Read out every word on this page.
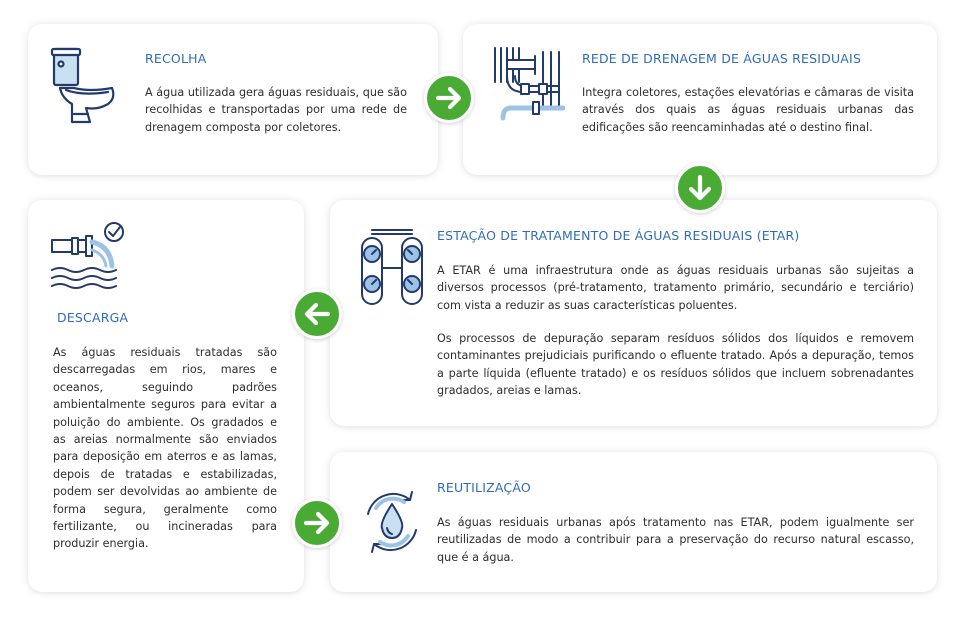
RECOLHA
A água utilizada gera águas residuais, que são recolhidas e transportadas por uma rede de drenagem composta por coletores.
REDE DE DRENAGEM DE ÁGUAS RESIDUAIS
Integra coletores, estações elevatórias e câmaras de visita através dos quais as águas residuais urbanas das edificações são reencaminhadas até o destino final.
ESTAÇÃO DE TRATAMENTO DE ÁGUAS RESIDUAIS (ETAR)
A ETAR é uma infraestrutura onde as águas residuais urbanas são sujeitas a diversos processos (pré-tratamento, tratamento primário, secundário e terciário) com vista a reduzir as suas características poluentes.
Os processos de depuração separam resíduos sólidos dos líquidos e removem contaminantes prejudiciais purificando o efluente tratado. Após a depuração, temos a parte líquida (efluente tratado) e os resíduos sólidos que incluem sobrenadantes gradados, areias e lamas.
DESCARGA
As águas residuais tratadas são descarregadas em rios, mares e oceanos, seguindo padrões ambientalmente seguros para evitar a poluição do ambiente. Os gradados e as areias normalmente são enviados para deposição em aterros e as lamas, depois de tratadas e estabilizadas, podem ser devolvidas ao ambiente de forma segura, geralmente como fertilizante, ou incineradas para produzir energia.
REUTILIZAÇÃO
As águas residuais urbanas após tratamento nas ETAR, podem igualmente ser reutilizadas de modo a contribuir para a preservação do recurso natural escasso, que é a água.
